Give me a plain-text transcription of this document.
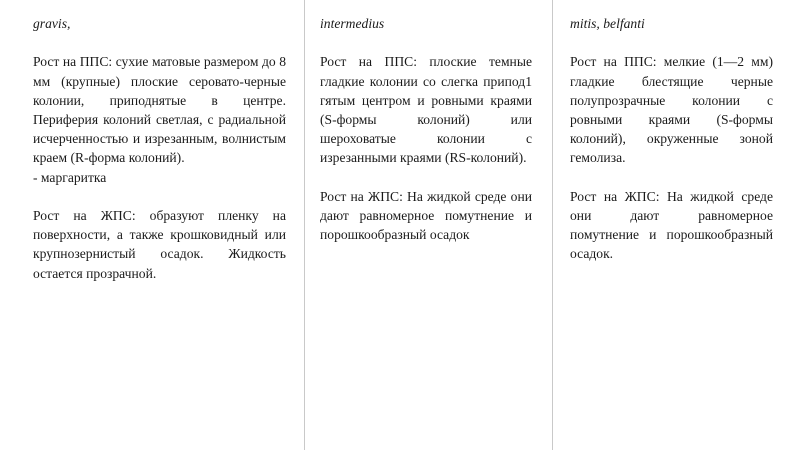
gravis,

Рост на ППС: сухие матовые размером до 8 мм (крупные) плоские серовато-черные колонии, приподнятые в центре. Периферия колоний светлая, с радиальной исчерченностью и изрезанным, волнистым краем (R-форма колоний).

- маргаритка

Рост на ЖПС: образуют пленку на поверхности, а также крошковидный или крупнозернистый осадок. Жидкость остается прозрачной.

intermedius

Рост на ППС: плоские темные гладкие колонии со слегка припод1 гятым центром и ровными краями (S-формы колоний) или шероховатые колонии с изрезанными краями (RS-колоний).

Рост на ЖПС: На жидкой среде они дают равномерное помутнение и порошкообразный осадок

mitis, belfanti

Рост на ППС: мелкие (1—2 мм) гладкие блестящие черные полупрозрачные колонии с ровными краями (S-формы колоний), окруженные зоной гемолиза.

Рост на ЖПС: На жидкой среде они дают равномерное помутнение и порошкообразный осадок.
